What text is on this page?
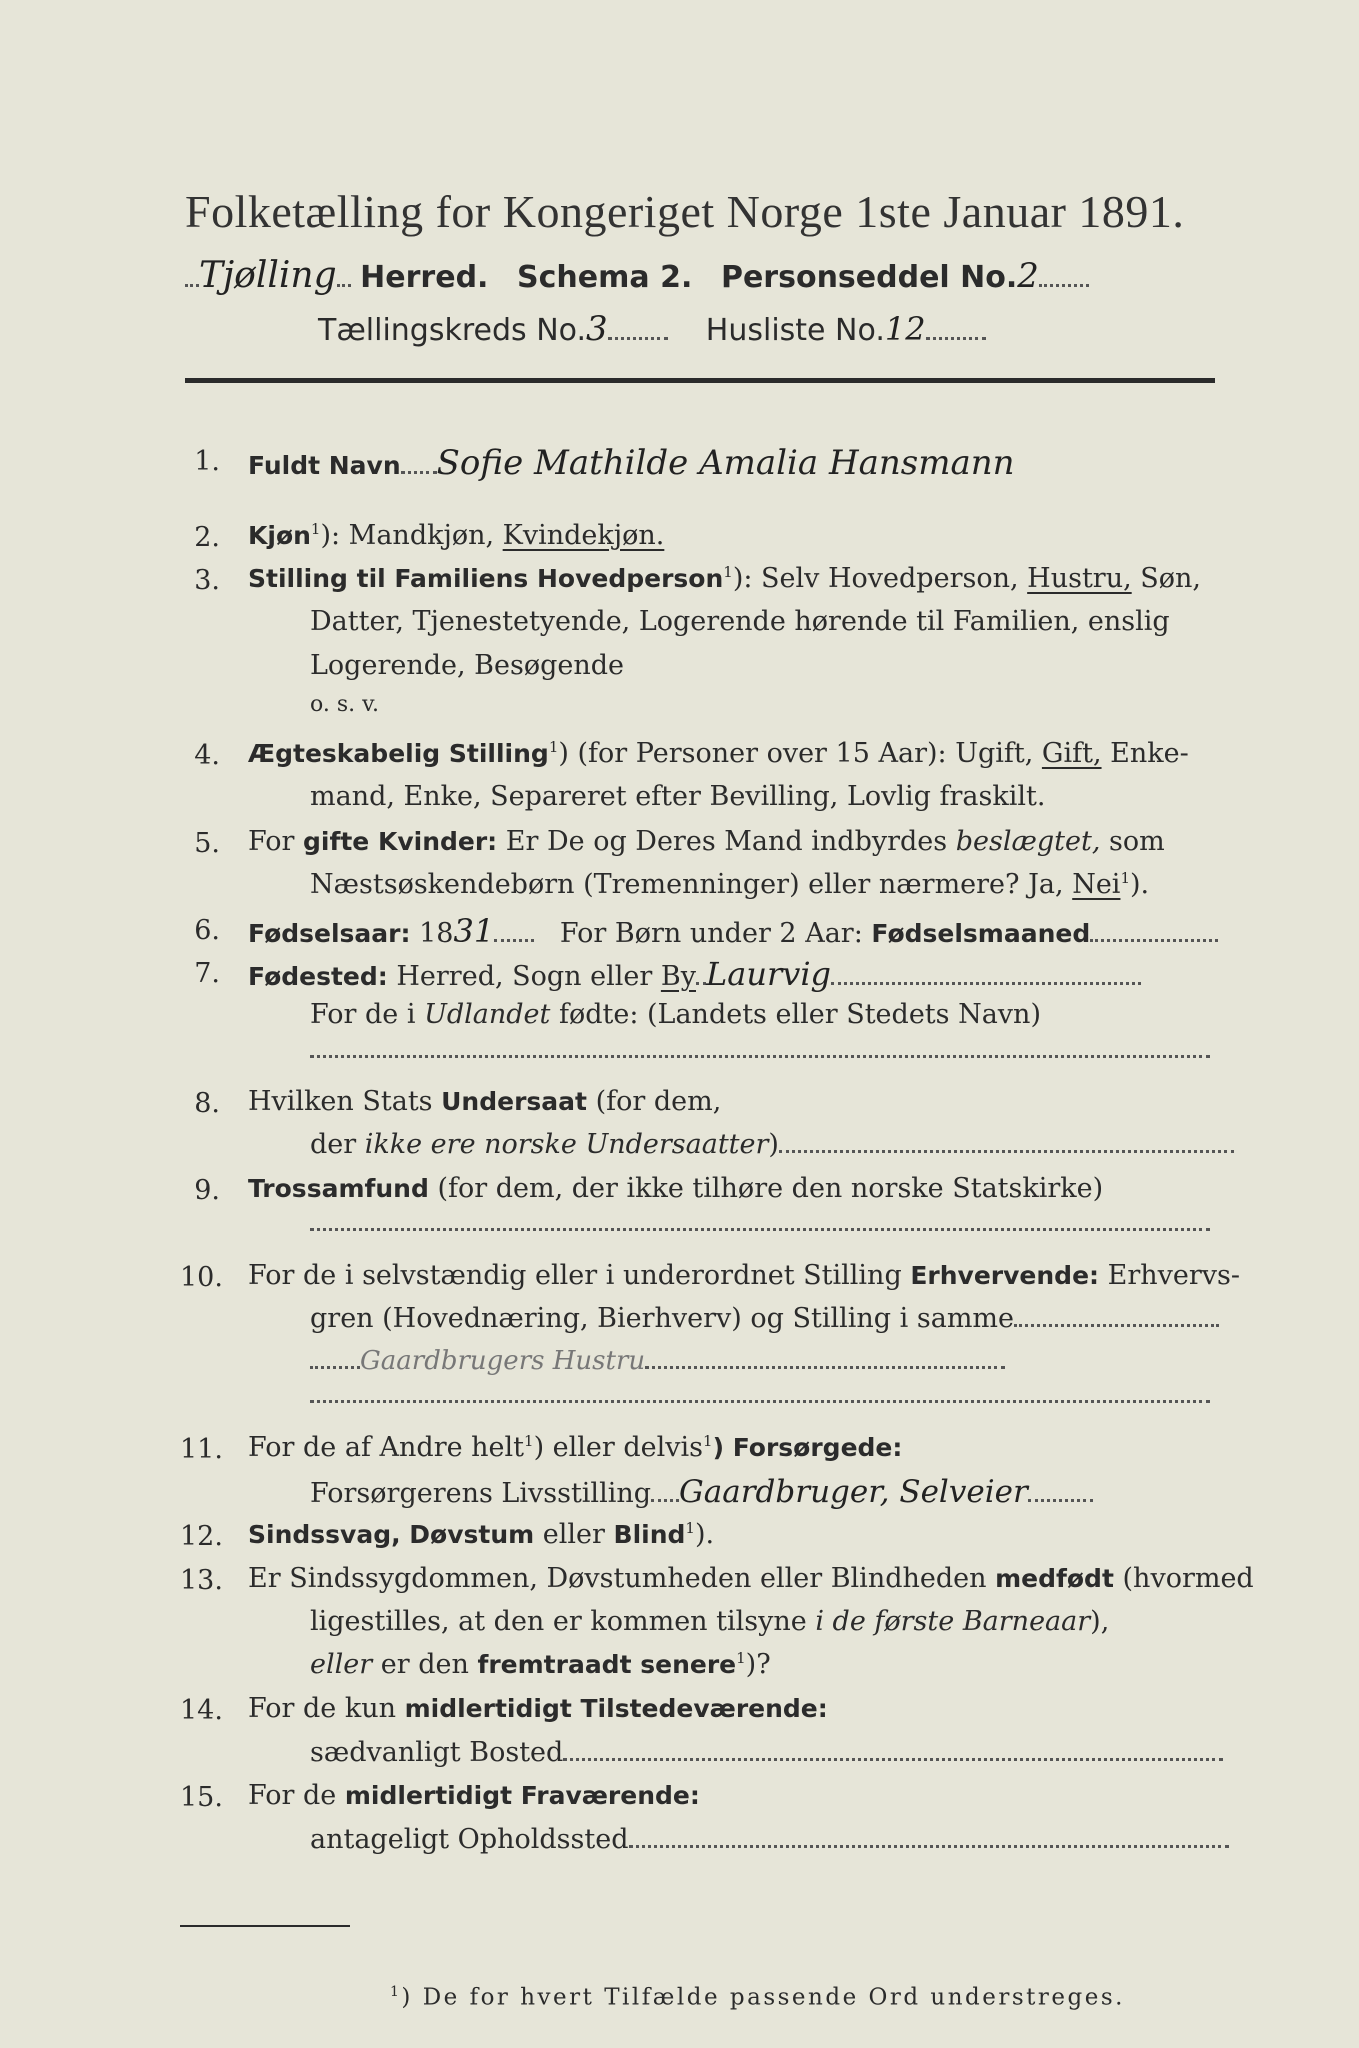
Folketælling for Kongeriget Norge 1ste Januar 1891.
Tjølling Herred. Schema 2. Personseddel No.2
Tællingskreds No.3	Husliste No.12
1. Fuldt Navn Sofie Mathilde Amalia Hansmann
2. Kjøn$^1$): Mandkjøn, Kvindekjøn.
3. Stilling til Familiens Hovedperson$^1$): Selv Hovedperson, Hustru, Søn,
Datter, Tjenestetyende, Logerende hørende til Familien, enslig
Logerende, Besøgende
o. s. v.
4. Ægteskabelig Stilling$^1$) (for Personer over 15 Aar): Ugift, Gift, Enke-
mand, Enke, Separeret efter Bevilling, Lovlig fraskilt.
5. For gifte Kvinder: Er De og Deres Mand indbyrdes beslægtet, som
Næstsøskendebørn (Tremenninger) eller nærmere? Ja, Nei$^1$).
6. Fødselsaar: 1831 For Børn under 2 Aar: Fødselsmaaned
7. Fødested: Herred, Sogn eller By Laurvig
For de i Udlandet fødte: (Landets eller Stedets Navn)
8. Hvilken Stats Undersaat (for dem,
der ikke ere norske Undersaatter)
9. Trossamfund (for dem, der ikke tilhøre den norske Statskirke)
10. For de i selvstændig eller i underordnet Stilling Erhvervende: Erhvervs-
gren (Hovednæring, Bierhverv) og Stilling i samme
Gaardbrugers Hustru
11. For de af Andre helt$^1$) eller delvis$^1$) Forsørgede:
Forsørgerens Livsstilling Gaardbruger, Selveier
12. Sindssvag, Døvstum eller Blind$^1$).
13. Er Sindssygdommen, Døvstumheden eller Blindheden medfødt (hvormed
ligestilles, at den er kommen tilsyne i de første Barneaar),
eller er den fremtraadt senere$^1$)?
14. For de kun midlertidigt Tilstedeværende:
sædvanligt Bosted
15. For de midlertidigt Fraværende:
antageligt Opholdssted
$^1$) De for hvert Tilfælde passende Ord understreges.
